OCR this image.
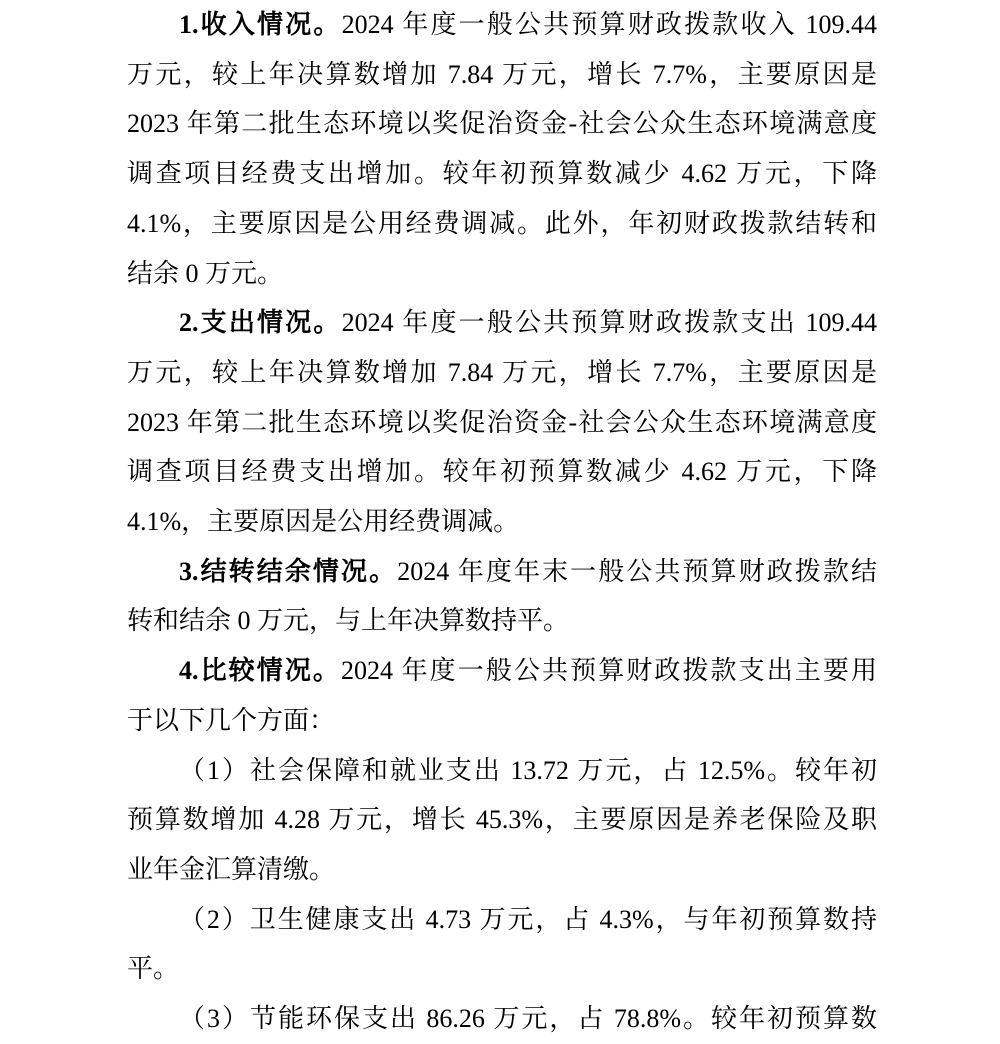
1.收入情况。2024 年度一般公共预算财政拨款收入 109.44
万元，较上年决算数增加 7.84 万元，增长 7.7%，主要原因是
2023 年第二批生态环境以奖促治资金-社会公众生态环境满意度
调查项目经费支出增加。较年初预算数减少 4.62 万元，下降
4.1%，主要原因是公用经费调减。此外，年初财政拨款结转和
结余 0 万元。
2.支出情况。2024 年度一般公共预算财政拨款支出 109.44
万元，较上年决算数增加 7.84 万元，增长 7.7%，主要原因是
2023 年第二批生态环境以奖促治资金-社会公众生态环境满意度
调查项目经费支出增加。较年初预算数减少 4.62 万元，下降
4.1%，主要原因是公用经费调减。
3.结转结余情况。2024 年度年末一般公共预算财政拨款结
转和结余 0 万元，与上年决算数持平。
4.比较情况。2024 年度一般公共预算财政拨款支出主要用
于以下几个方面：
（1）社会保障和就业支出 13.72 万元，占 12.5%。较年初
预算数增加 4.28 万元，增长 45.3%，主要原因是养老保险及职
业年金汇算清缴。
（2）卫生健康支出 4.73 万元，占 4.3%，与年初预算数持
平。
（3）节能环保支出 86.26 万元，占 78.8%。较年初预算数
